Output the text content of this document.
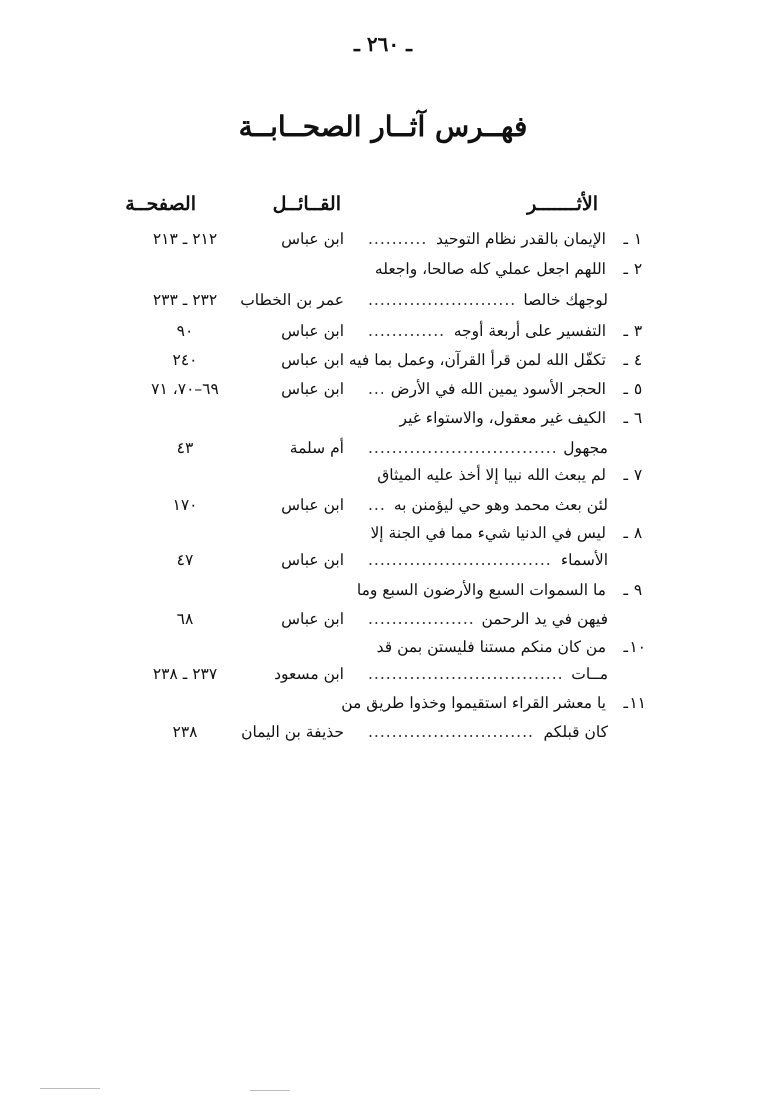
ـ ٢٦٠ ـ
فهــرس آثــار الصحــابــة
الأثـــــــر
القــائــل
الصفحــة
١
ـ
الإيمان بالقدر نظام التوحيد
ابن عباس
٢١٢ ـ ٢١٣
.....
٢
ـ
اللهم اجعل عملي كله صالحا، واجعله
لوجهك خالصا
عمر بن الخطاب
٢٣٢ ـ ٢٣٣
.....
٣
ـ
التفسير على أربعة أوجه
ابن عباس
٩٠
.....
٤
ـ
تكفّل الله لمن قرأ القرآن، وعمل بما فيه
ابن عباس
٢٤٠
٥
ـ
الحجر الأسود يمين الله في الأرض
ابن عباس
٦٩–٧٠، ٧١
.....
٦
ـ
الكيف غير معقول، والاستواء غير
مجهول
أم سلمة
٤٣
.....
٧
ـ
لم يبعث الله نبيا إلا أخذ عليه الميثاق
لئن بعث محمد وهو حي ليؤمنن به
ابن عباس
١٧٠
.....
٨
ـ
ليس في الدنيا شيء مما في الجنة إلا
الأسماء
ابن عباس
٤٧
.....
٩
ـ
ما السموات السبع والأرضون السبع وما
فيهن في يد الرحمن
ابن عباس
٦٨
.....
١٠
ـ
من كان منكم مستنا فليستن بمن قد
مــات
ابن مسعود
٢٣٧ ـ ٢٣٨
.....
١١
ـ
يا معشر القراء استقيموا وخذوا طريق من
كان قبلكم
حذيفة بن اليمان
٢٣٨
.....
